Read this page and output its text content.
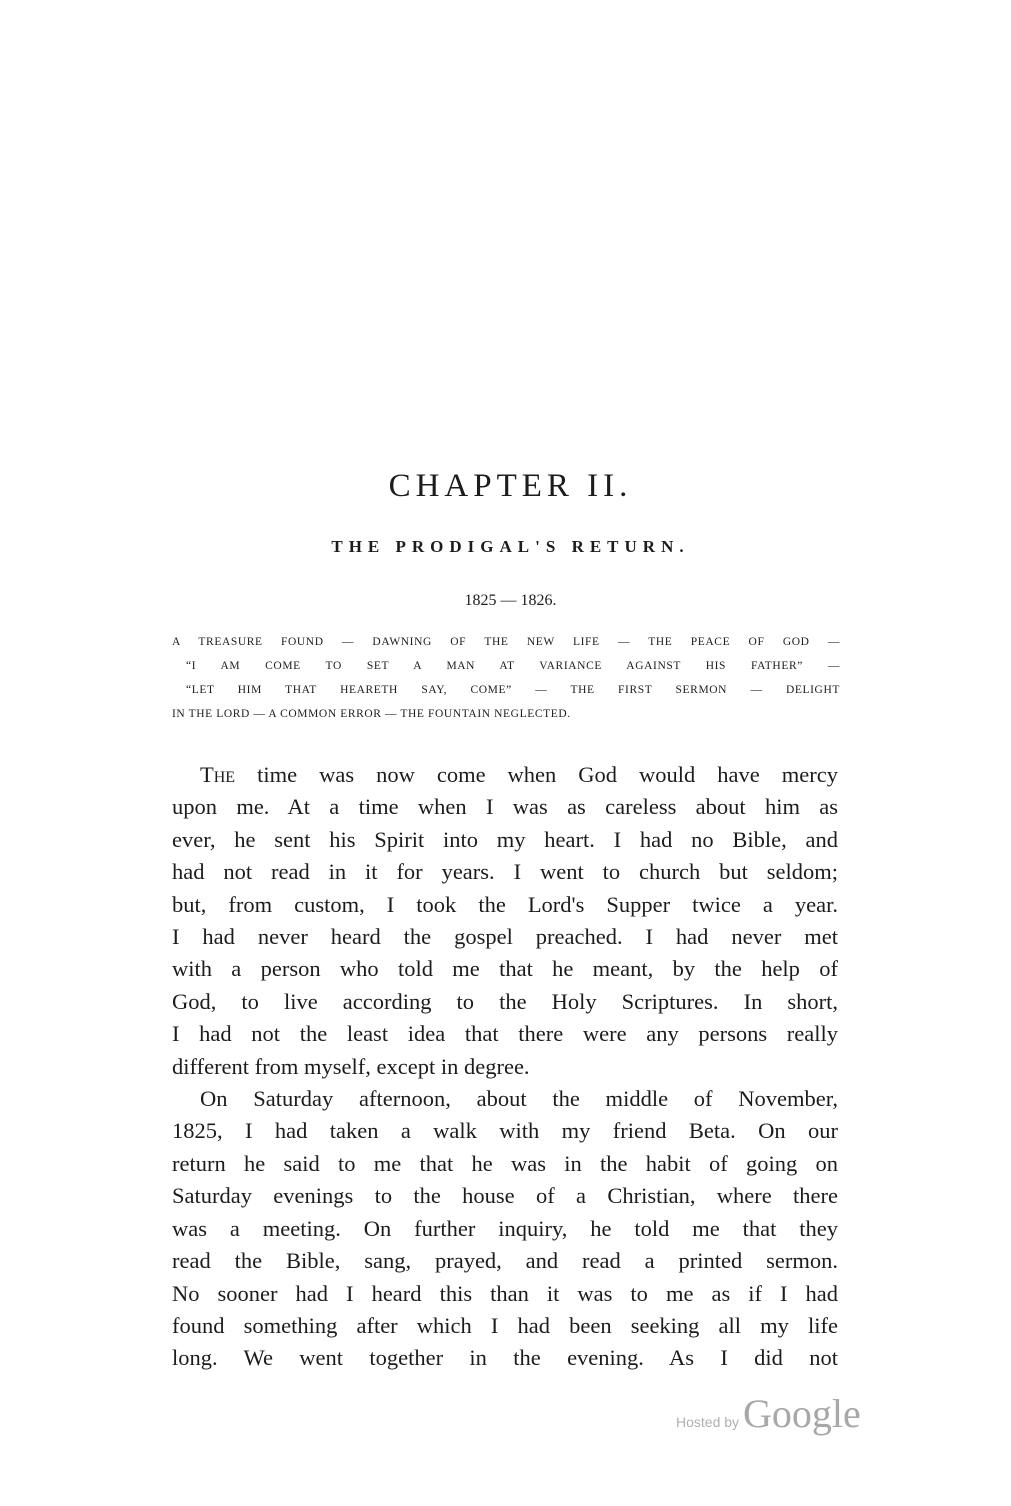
CHAPTER II.
THE PRODIGAL'S RETURN.
1825 — 1826.
A TREASURE FOUND — DAWNING OF THE NEW LIFE — THE PEACE OF GOD —
“I AM COME TO SET A MAN AT VARIANCE AGAINST HIS FATHER” —
“LET HIM THAT HEARETH SAY, COME” — THE FIRST SERMON — DELIGHT
IN THE LORD — A COMMON ERROR — THE FOUNTAIN NEGLECTED.
The time was now come when God would have mercy
upon me. At a time when I was as careless about him as
ever, he sent his Spirit into my heart. I had no Bible, and
had not read in it for years. I went to church but seldom;
but, from custom, I took the Lord's Supper twice a year.
I had never heard the gospel preached. I had never met
with a person who told me that he meant, by the help of
God, to live according to the Holy Scriptures. In short,
I had not the least idea that there were any persons really
different from myself, except in degree.
On Saturday afternoon, about the middle of November,
1825, I had taken a walk with my friend Beta. On our
return he said to me that he was in the habit of going on
Saturday evenings to the house of a Christian, where there
was a meeting. On further inquiry, he told me that they
read the Bible, sang, prayed, and read a printed sermon.
No sooner had I heard this than it was to me as if I had
found something after which I had been seeking all my life
long. We went together in the evening. As I did not
Hosted by Google
